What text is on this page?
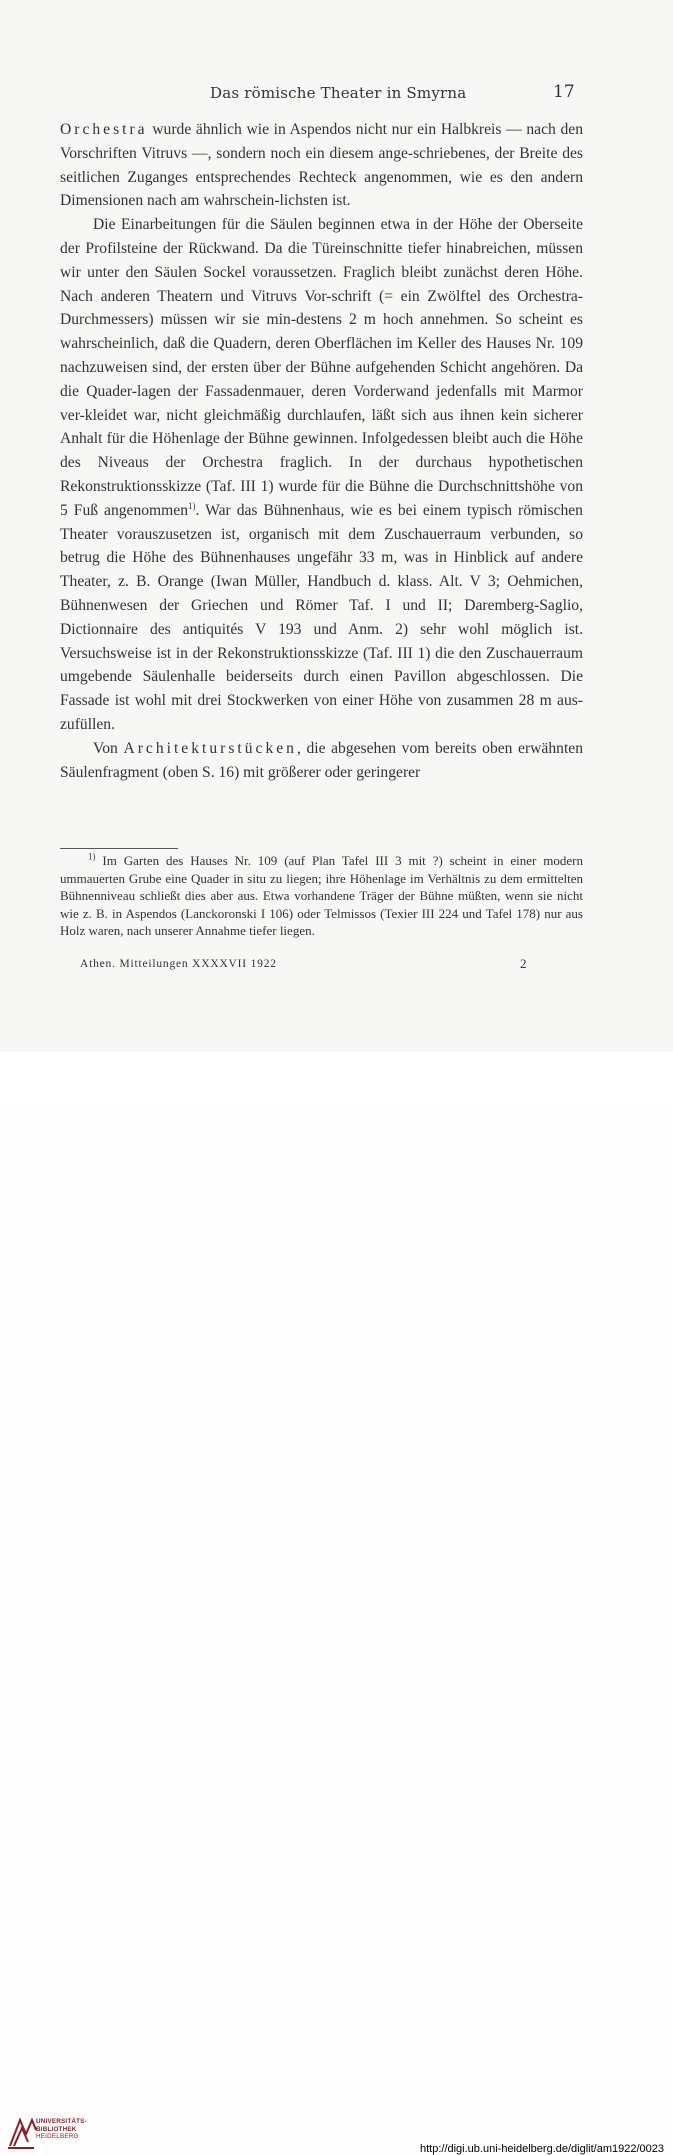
Das römische Theater in Smyrna	17

Orchestra wurde ähnlich wie in Aspendos nicht nur ein Halbkreis — nach den Vorschriften Vitruvs —, sondern noch ein diesem ange-schriebenes, der Breite des seitlichen Zuganges entsprechendes Rechteck angenommen, wie es den andern Dimensionen nach am wahrschein-lichsten ist.

Die Einarbeitungen für die Säulen beginnen etwa in der Höhe der Oberseite der Profilsteine der Rückwand. Da die Türeinschnitte tiefer hinabreichen, müssen wir unter den Säulen Sockel voraussetzen. Fraglich bleibt zunächst deren Höhe. Nach anderen Theatern und Vitruvs Vor-schrift (= ein Zwölftel des Orchestra-Durchmessers) müssen wir sie min-destens 2 m hoch annehmen. So scheint es wahrscheinlich, daß die Quadern, deren Oberflächen im Keller des Hauses Nr. 109 nachzuweisen sind, der ersten über der Bühne aufgehenden Schicht angehören. Da die Quader-lagen der Fassadenmauer, deren Vorderwand jedenfalls mit Marmor ver-kleidet war, nicht gleichmäßig durchlaufen, läßt sich aus ihnen kein sicherer Anhalt für die Höhenlage der Bühne gewinnen. Infolgedessen bleibt auch die Höhe des Niveaus der Orchestra fraglich. In der durchaus hypothetischen Rekonstruktionsskizze (Taf. III 1) wurde für die Bühne die Durchschnittshöhe von 5 Fuß angenommen$^{1)}$. War das Bühnenhaus, wie es bei einem typisch römischen Theater vorauszusetzen ist, organisch mit dem Zuschauerraum verbunden, so betrug die Höhe des Bühnenhauses ungefähr 33 m, was in Hinblick auf andere Theater, z. B. Orange (Iwan Müller, Handbuch d. klass. Alt. V 3; Oehmichen, Bühnenwesen der Griechen und Römer Taf. I und II; Daremberg-Saglio, Dictionnaire des antiquités V 193 und Anm. 2) sehr wohl möglich ist. Versuchsweise ist in der Rekonstruktionsskizze (Taf. III 1) die den Zuschauerraum umgebende Säulenhalle beiderseits durch einen Pavillon abgeschlossen. Die Fassade ist wohl mit drei Stockwerken von einer Höhe von zusammen 28 m aus-zufüllen.

Von Architekturstücken, die abgesehen vom bereits oben erwähnten Säulenfragment (oben S. 16) mit größerer oder geringerer

$^{1)}$ Im Garten des Hauses Nr. 109 (auf Plan Tafel III 3 mit ?) scheint in einer modern ummauerten Grube eine Quader in situ zu liegen; ihre Höhenlage im Verhältnis zu dem ermittelten Bühnenniveau schließt dies aber aus. Etwa vorhandene Träger der Bühne müßten, wenn sie nicht wie z. B. in Aspendos (Lanckoronski I 106) oder Telmissos (Texier III 224 und Tafel 178) nur aus Holz waren, nach unserer Annahme tiefer liegen.

Athen. Mitteilungen XXXXVII 1922	2
UNIVERSITÄTS-
BIBLIOTHEK
HEIDELBERG
http://digi.ub.uni-heidelberg.de/diglit/am1922/0023
